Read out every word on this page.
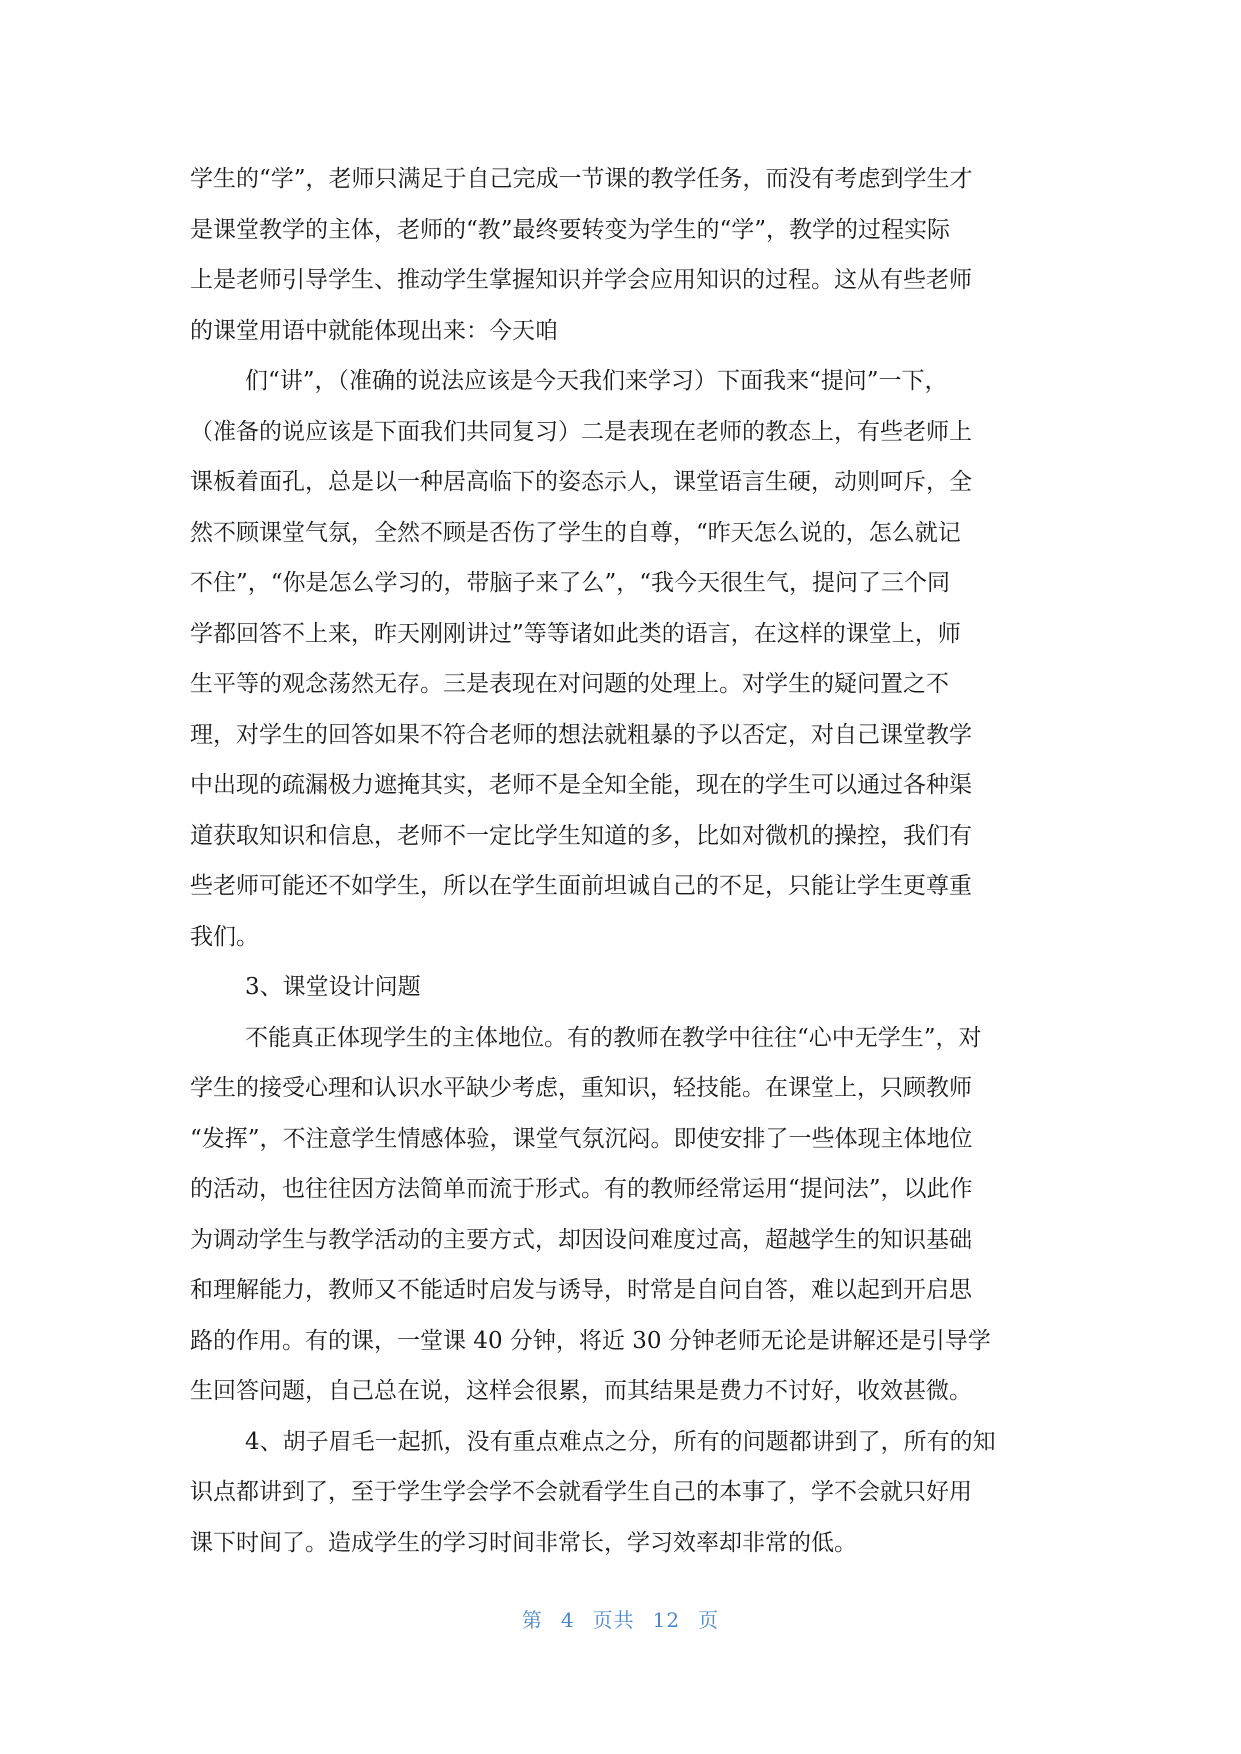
学生的“学”，老师只满足于自己完成一节课的教学任务，而没有考虑到学生才
是课堂教学的主体，老师的“教”最终要转变为学生的“学”，教学的过程实际
上是老师引导学生、推动学生掌握知识并学会应用知识的过程。这从有些老师
的课堂用语中就能体现出来：今天咱
们“讲”，（准确的说法应该是今天我们来学习）下面我来“提问”一下，
（准备的说应该是下面我们共同复习）二是表现在老师的教态上，有些老师上
课板着面孔，总是以一种居高临下的姿态示人，课堂语言生硬，动则呵斥，全
然不顾课堂气氛，全然不顾是否伤了学生的自尊，“昨天怎么说的，怎么就记
不住”，“你是怎么学习的，带脑子来了么”，“我今天很生气，提问了三个同
学都回答不上来，昨天刚刚讲过”等等诸如此类的语言，在这样的课堂上，师
生平等的观念荡然无存。三是表现在对问题的处理上。对学生的疑问置之不
理，对学生的回答如果不符合老师的想法就粗暴的予以否定，对自己课堂教学
中出现的疏漏极力遮掩其实，老师不是全知全能，现在的学生可以通过各种渠
道获取知识和信息，老师不一定比学生知道的多，比如对微机的操控，我们有
些老师可能还不如学生，所以在学生面前坦诚自己的不足，只能让学生更尊重
我们。
3、课堂设计问题
不能真正体现学生的主体地位。有的教师在教学中往往“心中无学生”，对
学生的接受心理和认识水平缺少考虑，重知识，轻技能。在课堂上，只顾教师
“发挥”，不注意学生情感体验，课堂气氛沉闷。即使安排了一些体现主体地位
的活动，也往往因方法简单而流于形式。有的教师经常运用“提问法”，以此作
为调动学生与教学活动的主要方式，却因设问难度过高，超越学生的知识基础
和理解能力，教师又不能适时启发与诱导，时常是自问自答，难以起到开启思
路的作用。有的课，一堂课 40 分钟，将近 30 分钟老师无论是讲解还是引导学
生回答问题，自己总在说，这样会很累，而其结果是费力不讨好，收效甚微。
4、胡子眉毛一起抓，没有重点难点之分，所有的问题都讲到了，所有的知
识点都讲到了，至于学生学会学不会就看学生自己的本事了，学不会就只好用
课下时间了。造成学生的学习时间非常长，学习效率却非常的低。
第 4 页共 12 页
